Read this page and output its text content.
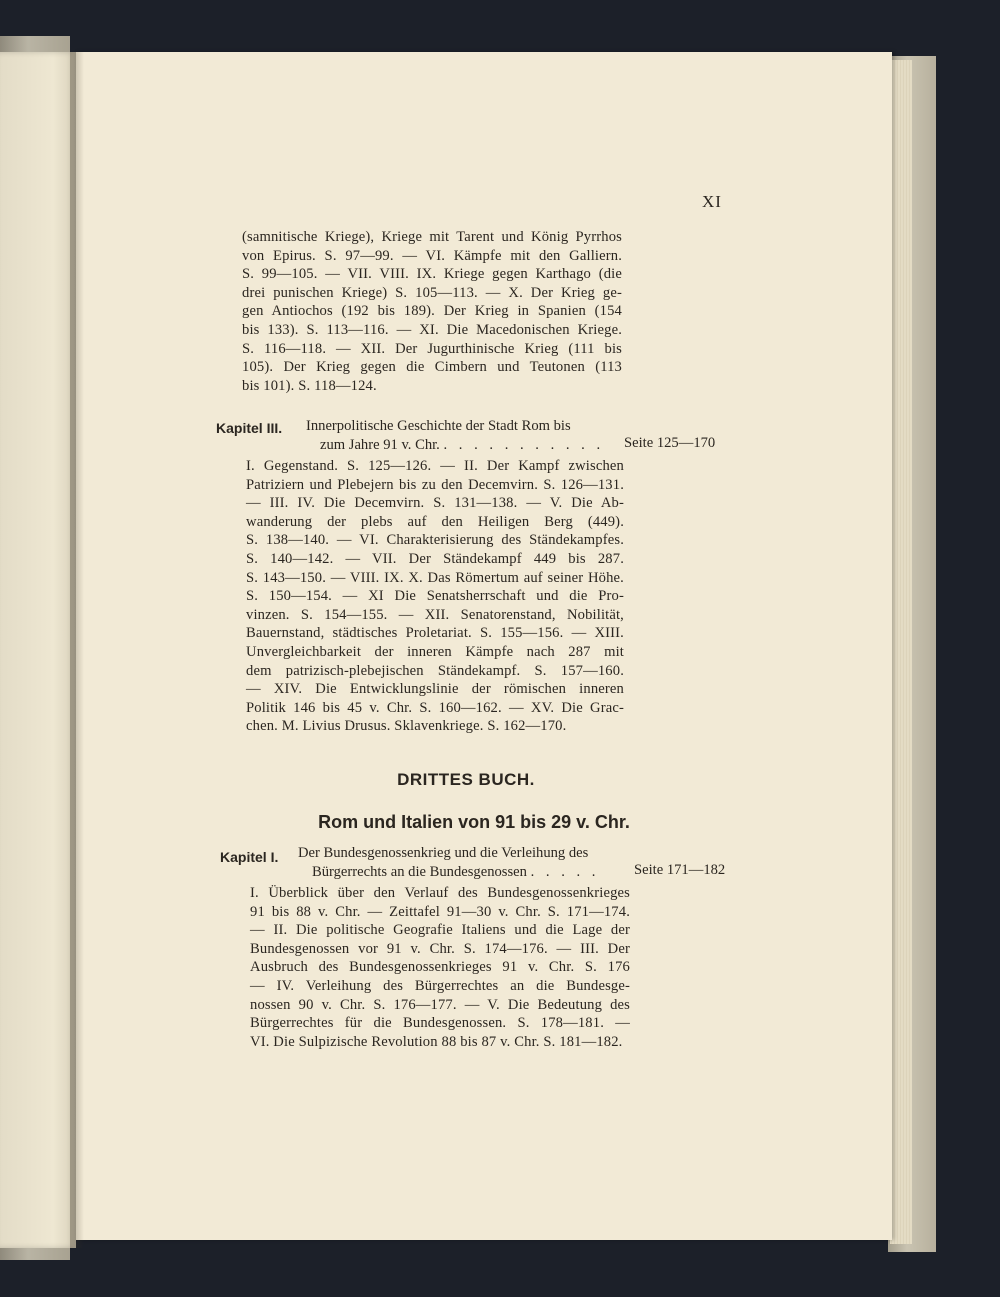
XI
(samnitische Kriege), Kriege mit Tarent und König Pyrrhos
von Epirus. S. 97—99. — VI. Kämpfe mit den Galliern.
S. 99—105. — VII. VIII. IX. Kriege gegen Karthago (die
drei punischen Kriege) S. 105—113. — X. Der Krieg ge-
gen Antiochos (192 bis 189). Der Krieg in Spanien (154
bis 133). S. 113—116. — XI. Die Macedonischen Kriege.
S. 116—118. — XII. Der Jugurthinische Krieg (111 bis
105). Der Krieg gegen die Cimbern und Teutonen (113
bis 101). S. 118—124.
Kapitel III. Innerpolitische Geschichte der Stadt Rom bis
zum Jahre 91 v. Chr. . . . . . . . . . . . Seite 125—170
I. Gegenstand. S. 125—126. — II. Der Kampf zwischen
Patriziern und Plebejern bis zu den Decemvirn. S. 126—131.
— III. IV. Die Decemvirn. S. 131—138. — V. Die Ab-
wanderung der plebs auf den Heiligen Berg (449).
S. 138—140. — VI. Charakterisierung des Ständekampfes.
S. 140—142. — VII. Der Ständekampf 449 bis 287.
S. 143—150. — VIII. IX. X. Das Römertum auf seiner Höhe.
S. 150—154. — XI Die Senatsherrschaft und die Pro-
vinzen. S. 154—155. — XII. Senatorenstand, Nobilität,
Bauernstand, städtisches Proletariat. S. 155—156. — XIII.
Unvergleichbarkeit der inneren Kämpfe nach 287 mit
dem patrizisch-plebejischen Ständekampf. S. 157—160.
— XIV. Die Entwicklungslinie der römischen inneren
Politik 146 bis 45 v. Chr. S. 160—162. — XV. Die Grac-
chen. M. Livius Drusus. Sklavenkriege. S. 162—170.
DRITTES BUCH.
Rom und Italien von 91 bis 29 v. Chr.
Kapitel I. Der Bundesgenossenkrieg und die Verleihung des
Bürgerrechts an die Bundesgenossen . . . . . Seite 171—182
I. Überblick über den Verlauf des Bundesgenossenkrieges
91 bis 88 v. Chr. — Zeittafel 91—30 v. Chr. S. 171—174.
— II. Die politische Geografie Italiens und die Lage der
Bundesgenossen vor 91 v. Chr. S. 174—176. — III. Der
Ausbruch des Bundesgenossenkrieges 91 v. Chr. S. 176
— IV. Verleihung des Bürgerrechtes an die Bundesge-
nossen 90 v. Chr. S. 176—177. — V. Die Bedeutung des
Bürgerrechtes für die Bundesgenossen. S. 178—181. —
VI. Die Sulpizische Revolution 88 bis 87 v. Chr. S. 181—182.
